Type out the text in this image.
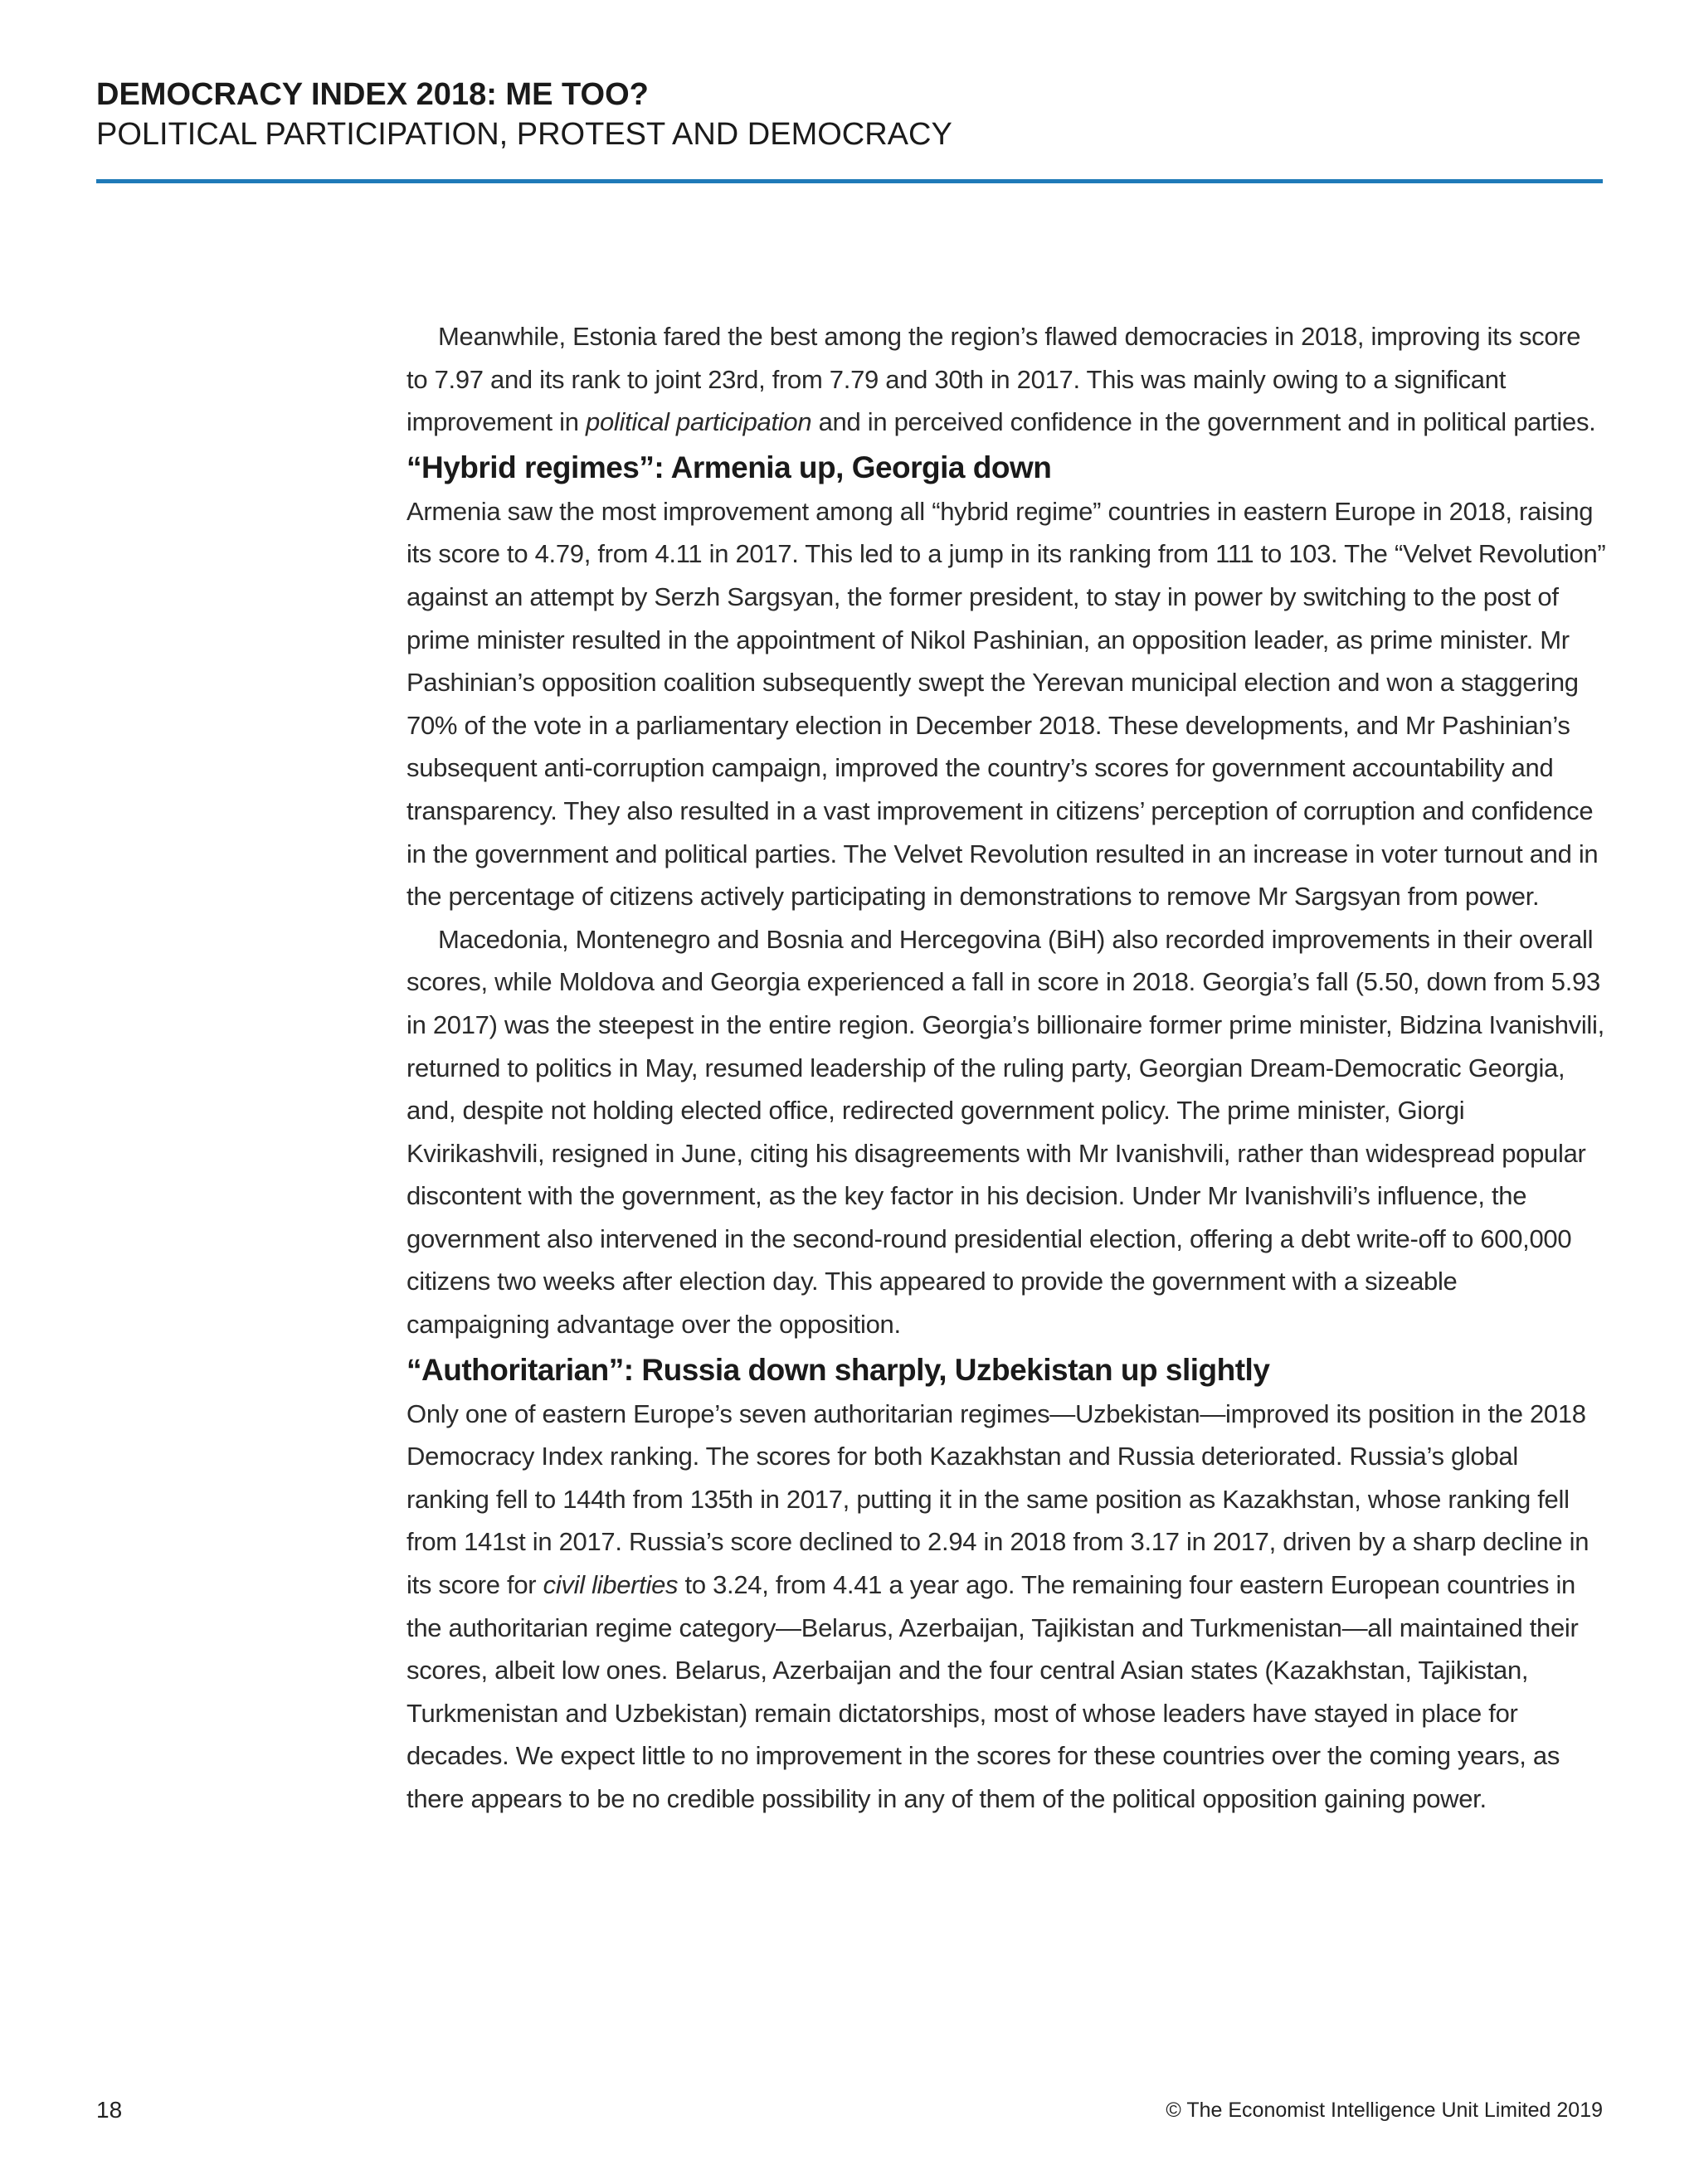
DEMOCRACY INDEX 2018: ME TOO?
POLITICAL PARTICIPATION, PROTEST AND DEMOCRACY

Meanwhile, Estonia fared the best among the region’s flawed democracies in 2018, improving its score to 7.97 and its rank to joint 23rd, from 7.79 and 30th in 2017. This was mainly owing to a significant improvement in political participation and in perceived confidence in the government and in political parties.

“Hybrid regimes”: Armenia up, Georgia down

Armenia saw the most improvement among all “hybrid regime” countries in eastern Europe in 2018, raising its score to 4.79, from 4.11 in 2017. This led to a jump in its ranking from 111 to 103. The “Velvet Revolution” against an attempt by Serzh Sargsyan, the former president, to stay in power by switching to the post of prime minister resulted in the appointment of Nikol Pashinian, an opposition leader, as prime minister. Mr Pashinian’s opposition coalition subsequently swept the Yerevan municipal election and won a staggering 70% of the vote in a parliamentary election in December 2018. These developments, and Mr Pashinian’s subsequent anti-corruption campaign, improved the country’s scores for government accountability and transparency. They also resulted in a vast improvement in citizens’ perception of corruption and confidence in the government and political parties. The Velvet Revolution resulted in an increase in voter turnout and in the percentage of citizens actively participating in demonstrations to remove Mr Sargsyan from power.

Macedonia, Montenegro and Bosnia and Hercegovina (BiH) also recorded improvements in their overall scores, while Moldova and Georgia experienced a fall in score in 2018. Georgia’s fall (5.50, down from 5.93 in 2017) was the steepest in the entire region. Georgia’s billionaire former prime minister, Bidzina Ivanishvili, returned to politics in May, resumed leadership of the ruling party, Georgian Dream-Democratic Georgia, and, despite not holding elected office, redirected government policy. The prime minister, Giorgi Kvirikashvili, resigned in June, citing his disagreements with Mr Ivanishvili, rather than widespread popular discontent with the government, as the key factor in his decision. Under Mr Ivanishvili’s influence, the government also intervened in the second-round presidential election, offering a debt write-off to 600,000 citizens two weeks after election day. This appeared to provide the government with a sizeable campaigning advantage over the opposition.

“Authoritarian”: Russia down sharply, Uzbekistan up slightly

Only one of eastern Europe’s seven authoritarian regimes—Uzbekistan—improved its position in the 2018 Democracy Index ranking. The scores for both Kazakhstan and Russia deteriorated. Russia’s global ranking fell to 144th from 135th in 2017, putting it in the same position as Kazakhstan, whose ranking fell from 141st in 2017. Russia’s score declined to 2.94 in 2018 from 3.17 in 2017, driven by a sharp decline in its score for civil liberties to 3.24, from 4.41 a year ago. The remaining four eastern European countries in the authoritarian regime category—Belarus, Azerbaijan, Tajikistan and Turkmenistan—all maintained their scores, albeit low ones. Belarus, Azerbaijan and the four central Asian states (Kazakhstan, Tajikistan, Turkmenistan and Uzbekistan) remain dictatorships, most of whose leaders have stayed in place for decades. We expect little to no improvement in the scores for these countries over the coming years, as there appears to be no credible possibility in any of them of the political opposition gaining power.

18	© The Economist Intelligence Unit Limited 2019
